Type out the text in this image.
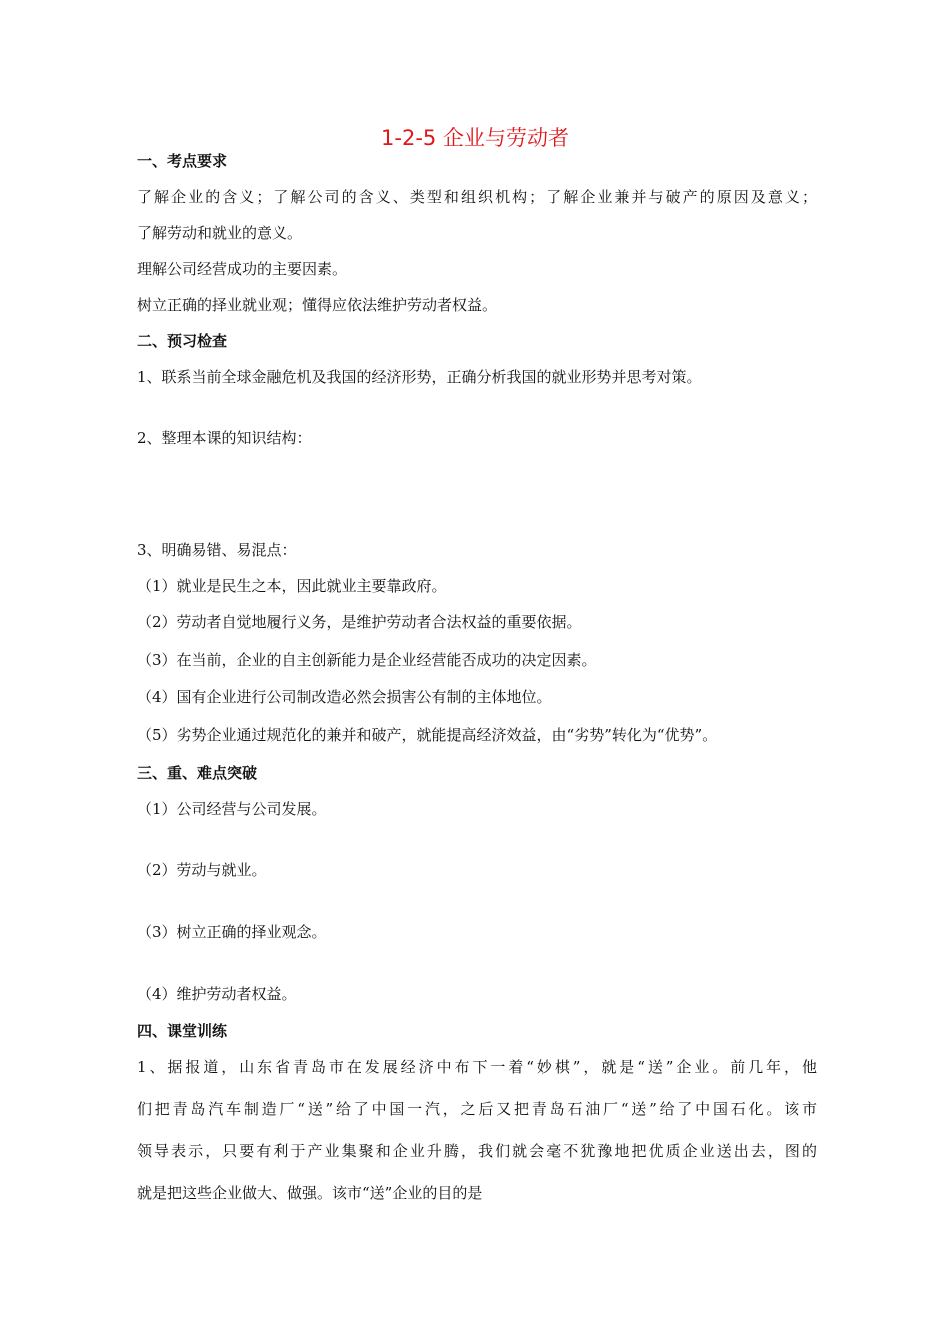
1-2-5 企业与劳动者
一、考点要求
了解企业的含义；了解公司的含义、类型和组织机构；了解企业兼并与破产的原因及意义；
了解劳动和就业的意义。
理解公司经营成功的主要因素。
树立正确的择业就业观；懂得应依法维护劳动者权益。
二、预习检查
1、联系当前全球金融危机及我国的经济形势，正确分析我国的就业形势并思考对策。
2、整理本课的知识结构：
3、明确易错、易混点：
（1）就业是民生之本，因此就业主要靠政府。
（2）劳动者自觉地履行义务，是维护劳动者合法权益的重要依据。
（3）在当前，企业的自主创新能力是企业经营能否成功的决定因素。
（4）国有企业进行公司制改造必然会损害公有制的主体地位。
（5）劣势企业通过规范化的兼并和破产，就能提高经济效益，由“劣势”转化为“优势”。
三、重、难点突破
（1）公司经营与公司发展。
（2）劳动与就业。
（3）树立正确的择业观念。
（4）维护劳动者权益。
四、课堂训练
1、据报道，山东省青岛市在发展经济中布下一着“妙棋”，就是“送”企业。前几年，他
们把青岛汽车制造厂“送”给了中国一汽，之后又把青岛石油厂“送”给了中国石化。该市
领导表示，只要有利于产业集聚和企业升腾，我们就会毫不犹豫地把优质企业送出去，图的
就是把这些企业做大、做强。该市“送”企业的目的是
